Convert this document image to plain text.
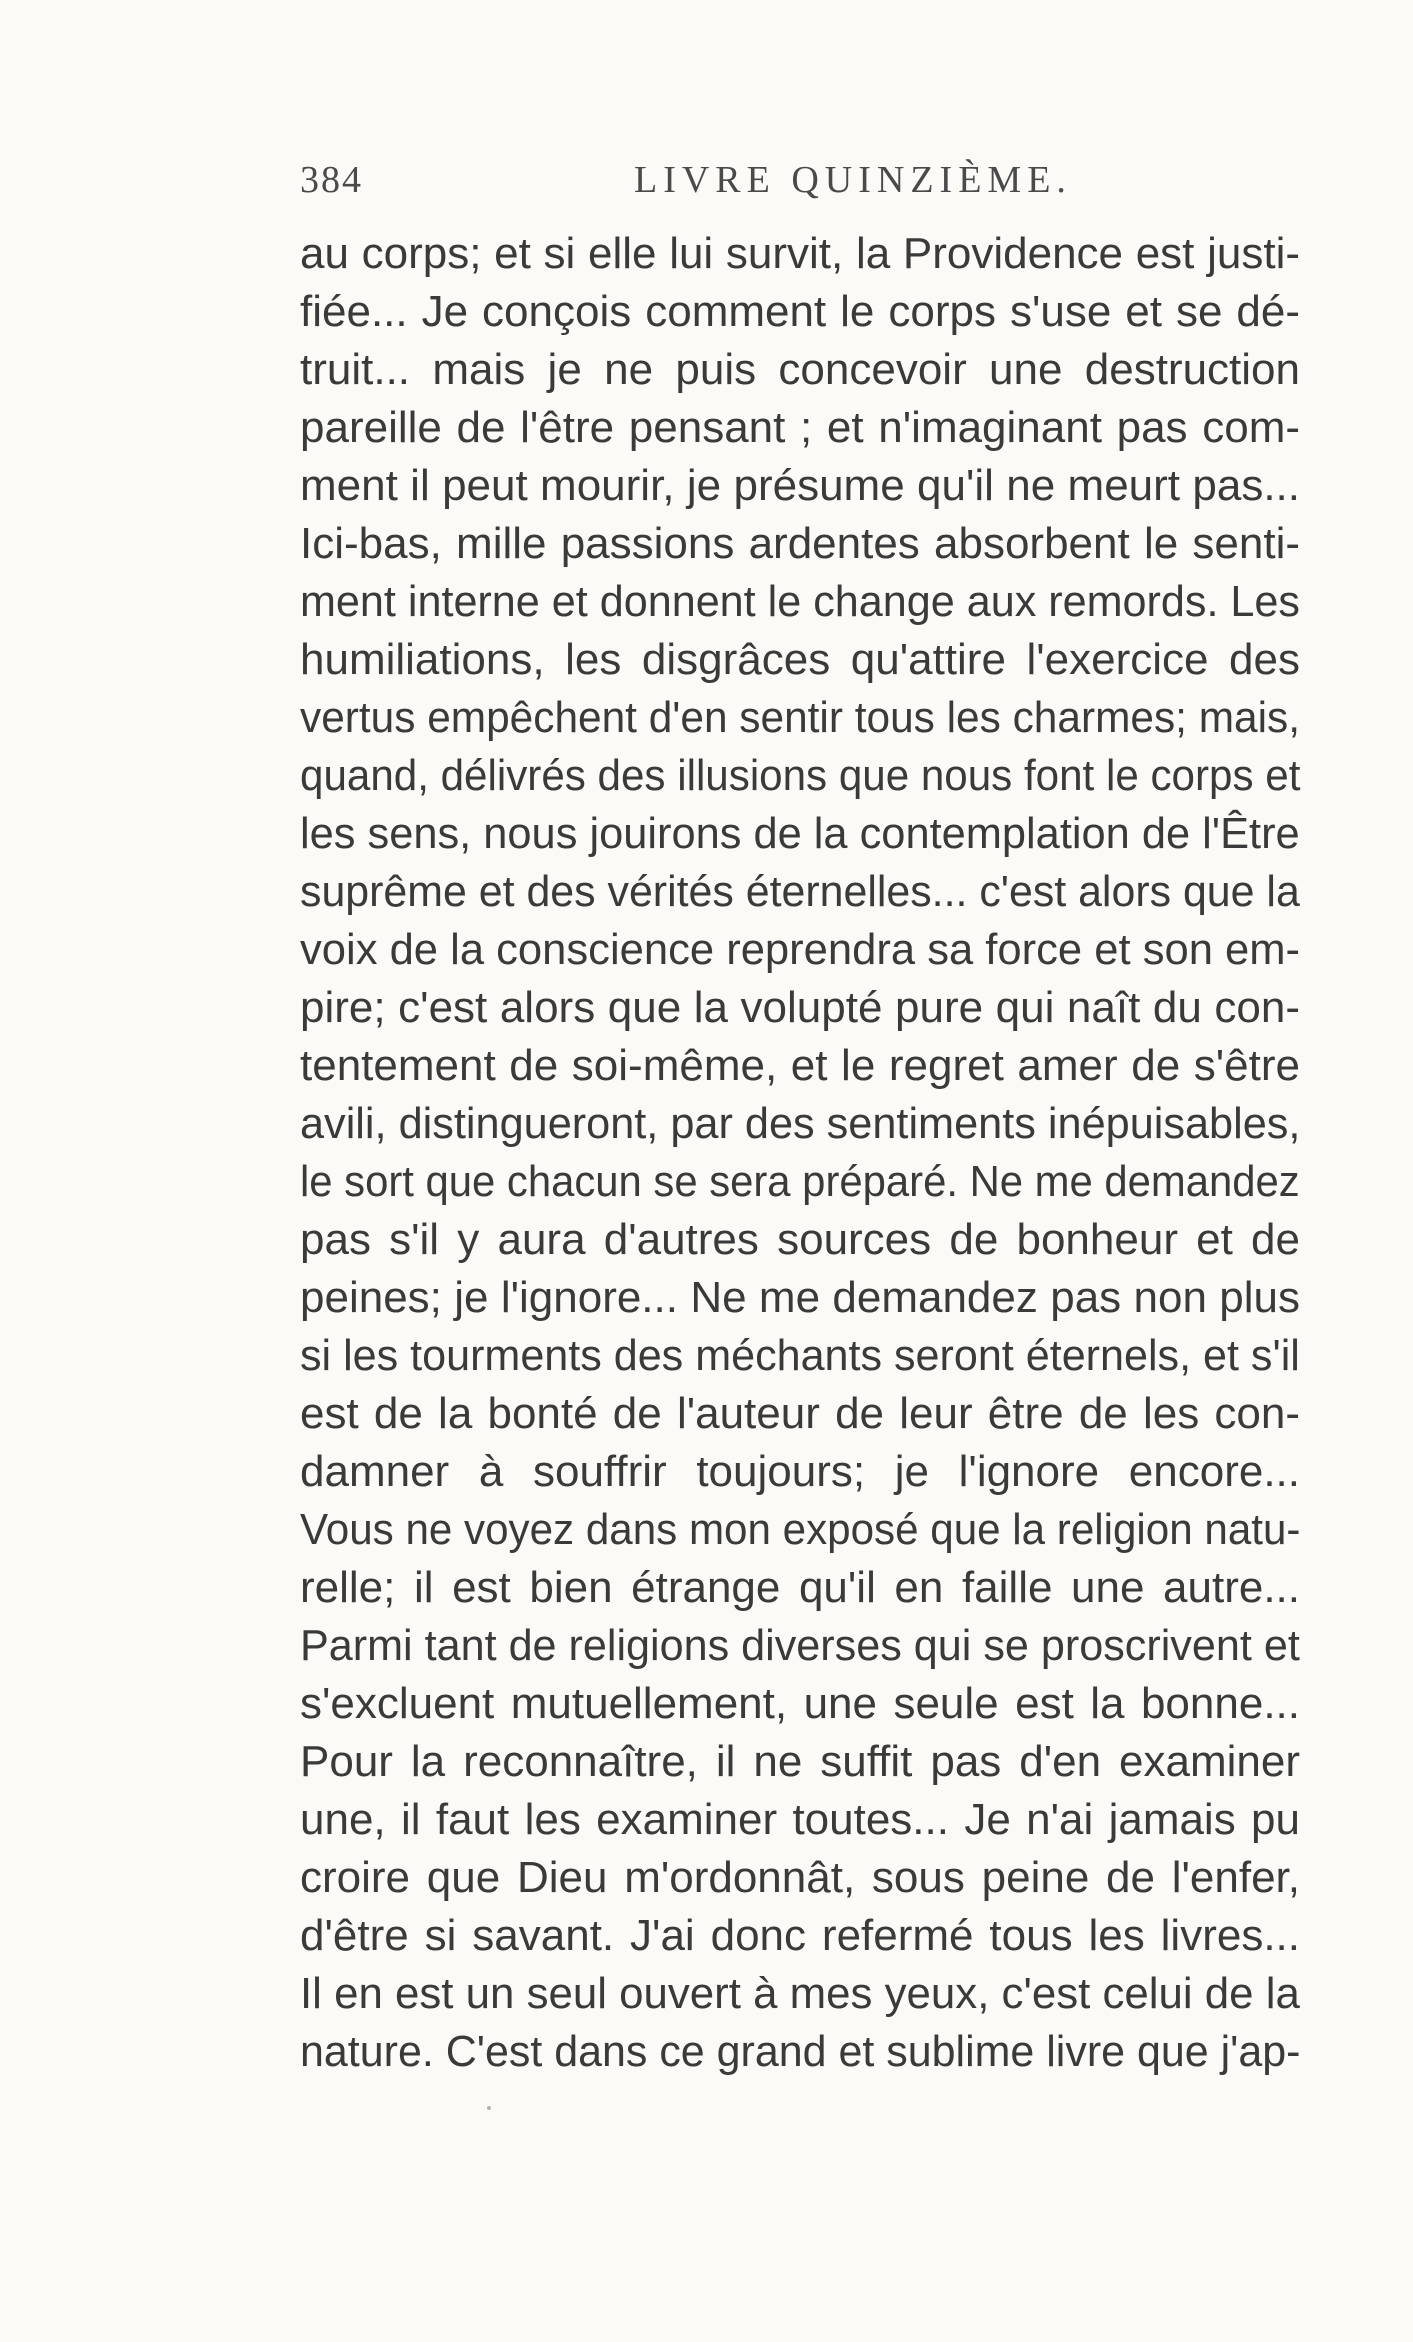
384	LIVRE QUINZIÈME.
au corps; et si elle lui survit, la Providence est justi-
fiée... Je conçois comment le corps s'use et se dé-
truit... mais je ne puis concevoir une destruction
pareille de l'être pensant ; et n'imaginant pas com-
ment il peut mourir, je présume qu'il ne meurt pas...
Ici-bas, mille passions ardentes absorbent le senti-
ment interne et donnent le change aux remords. Les
humiliations, les disgrâces qu'attire l'exercice des
vertus empêchent d'en sentir tous les charmes; mais,
quand, délivrés des illusions que nous font le corps et
les sens, nous jouirons de la contemplation de l'Être
suprême et des vérités éternelles... c'est alors que la
voix de la conscience reprendra sa force et son em-
pire; c'est alors que la volupté pure qui naît du con-
tentement de soi-même, et le regret amer de s'être
avili, distingueront, par des sentiments inépuisables,
le sort que chacun se sera préparé. Ne me demandez
pas s'il y aura d'autres sources de bonheur et de
peines; je l'ignore... Ne me demandez pas non plus
si les tourments des méchants seront éternels, et s'il
est de la bonté de l'auteur de leur être de les con-
damner à souffrir toujours; je l'ignore encore...
Vous ne voyez dans mon exposé que la religion natu-
relle; il est bien étrange qu'il en faille une autre...
Parmi tant de religions diverses qui se proscrivent et
s'excluent mutuellement, une seule est la bonne...
Pour la reconnaître, il ne suffit pas d'en examiner
une, il faut les examiner toutes... Je n'ai jamais pu
croire que Dieu m'ordonnât, sous peine de l'enfer,
d'être si savant. J'ai donc refermé tous les livres...
Il en est un seul ouvert à mes yeux, c'est celui de la
nature. C'est dans ce grand et sublime livre que j'ap-
